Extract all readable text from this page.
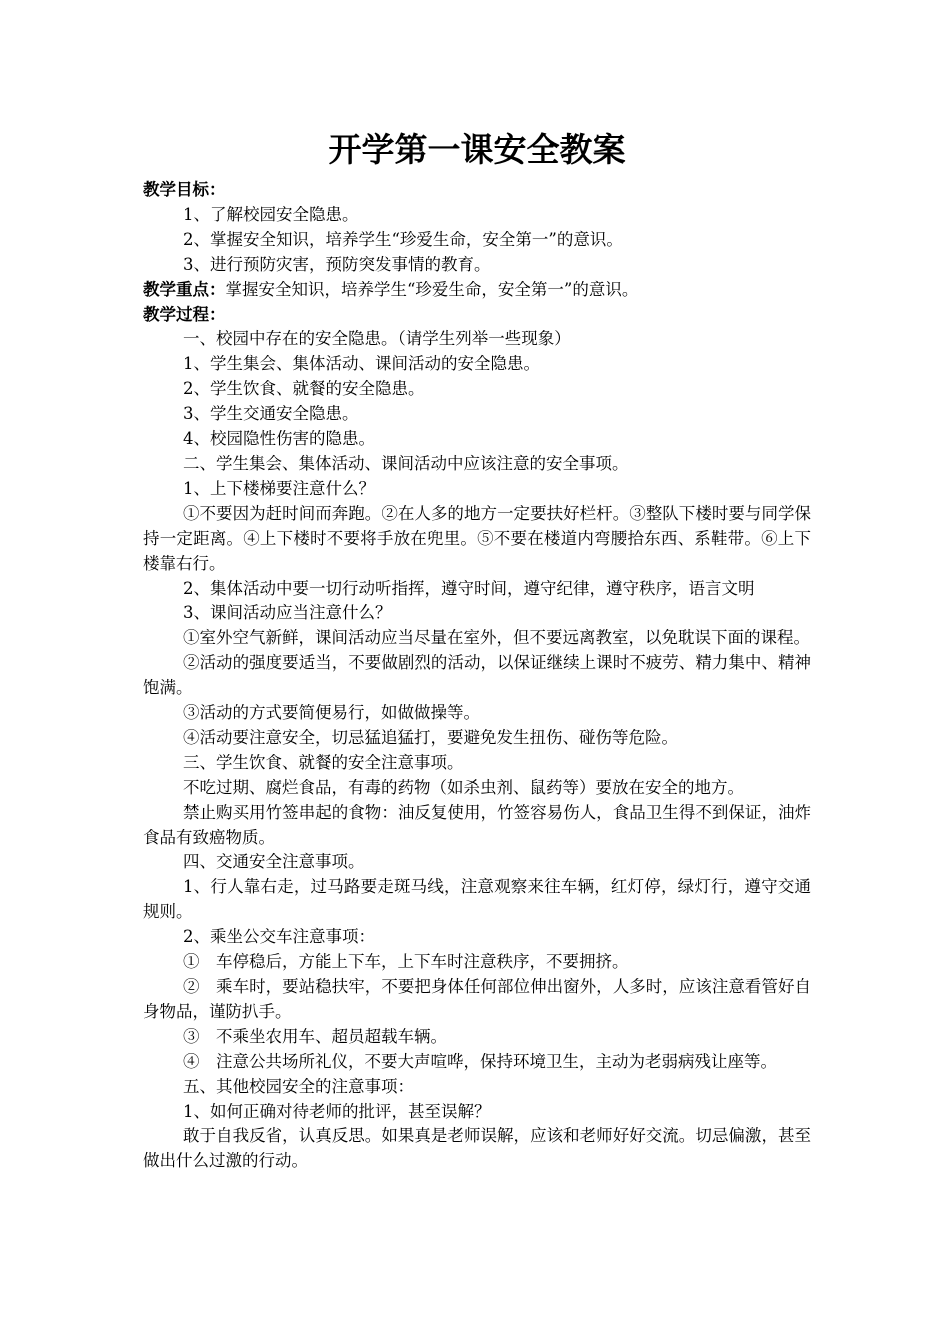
开学第一课安全教案
教学目标：
1、了解校园安全隐患。
2、掌握安全知识，培养学生“珍爱生命，安全第一”的意识。
3、进行预防灾害，预防突发事情的教育。
教学重点：掌握安全知识，培养学生“珍爱生命，安全第一”的意识。
教学过程：
一、校园中存在的安全隐患。（请学生列举一些现象）
1、学生集会、集体活动、课间活动的安全隐患。
2、学生饮食、就餐的安全隐患。
3、学生交通安全隐患。
4、校园隐性伤害的隐患。
二、学生集会、集体活动、课间活动中应该注意的安全事项。
1、上下楼梯要注意什么？
①不要因为赶时间而奔跑。②在人多的地方一定要扶好栏杆。③整队下楼时要与同学保持一定距离。④上下楼时不要将手放在兜里。⑤不要在楼道内弯腰拾东西、系鞋带。⑥上下楼靠右行。
2、集体活动中要一切行动听指挥，遵守时间，遵守纪律，遵守秩序，语言文明
3、课间活动应当注意什么？
①室外空气新鲜，课间活动应当尽量在室外，但不要远离教室，以免耽误下面的课程。
②活动的强度要适当，不要做剧烈的活动，以保证继续上课时不疲劳、精力集中、精神饱满。
③活动的方式要简便易行，如做做操等。
④活动要注意安全，切忌猛追猛打，要避免发生扭伤、碰伤等危险。
三、学生饮食、就餐的安全注意事项。
不吃过期、腐烂食品，有毒的药物（如杀虫剂、鼠药等）要放在安全的地方。
禁止购买用竹签串起的食物：油反复使用，竹签容易伤人，食品卫生得不到保证，油炸食品有致癌物质。
四、交通安全注意事项。
1、行人靠右走，过马路要走斑马线，注意观察来往车辆，红灯停，绿灯行，遵守交通规则。
2、乘坐公交车注意事项：
①　车停稳后，方能上下车，上下车时注意秩序，不要拥挤。
②　乘车时，要站稳扶牢，不要把身体任何部位伸出窗外，人多时，应该注意看管好自身物品，谨防扒手。
③　不乘坐农用车、超员超载车辆。
④　注意公共场所礼仪，不要大声喧哗，保持环境卫生，主动为老弱病残让座等。
五、其他校园安全的注意事项：
1、如何正确对待老师的批评，甚至误解？
敢于自我反省，认真反思。如果真是老师误解，应该和老师好好交流。切忌偏激，甚至做出什么过激的行动。
